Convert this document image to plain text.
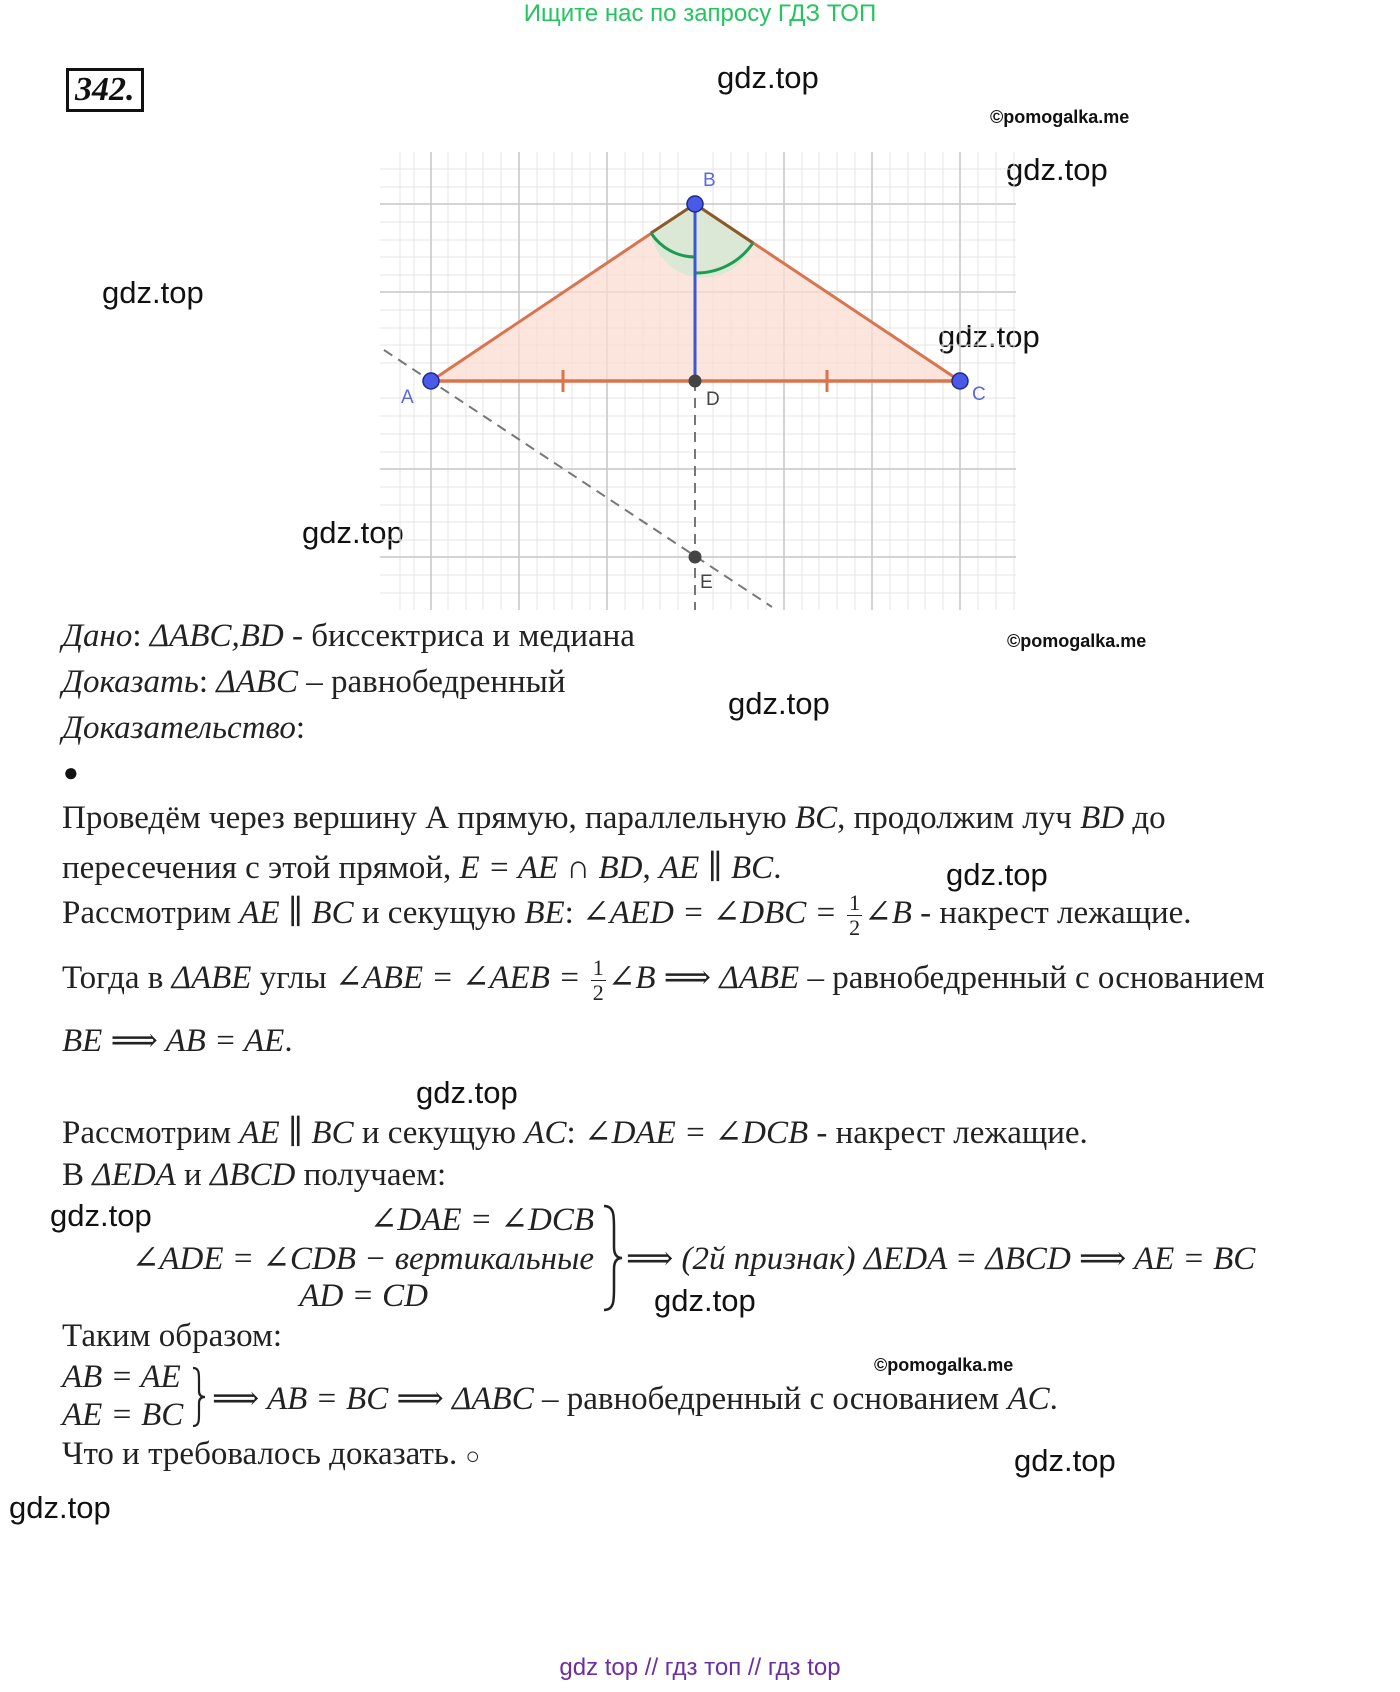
Ищите нас по запросу ГДЗ ТОП
gdz top // гдз топ // гдз top
342.	gdz.top
gdz.top
gdz.top
gdz.top
gdz.top
gdz.top
gdz.top
gdz.top
gdz.top
gdz.top
gdz.top
gdz.top
©pomogalka.me
©pomogalka.me
©pomogalka.me
A
B
C
D
E
Дано: ΔABC,BD - биссектриса и медиана
Доказать: ΔABC – равнобедренный
Доказательство:
●
Проведём через вершину А прямую, параллельную BC, продолжим луч BD до
пересечения с этой прямой, E = AE ∩ BD, AE ∥ BC.
Рассмотрим AE ∥ BC и секущую BE: ∠AED = ∠DBC = $\frac{1}{2}$ ∠B - накрест лежащие.
Тогда в ΔABE углы ∠ABE = ∠AEB = $\frac{1}{2}$ ∠B ⟹ ΔABE – равнобедренный с основанием
BE ⟹ AB = AE.
Рассмотрим AE ∥ BC и секущую AC: ∠DAE = ∠DCB - накрест лежащие.
В ΔEDA и ΔBCD получаем:
∠DAE = ∠DCB
∠ADE = ∠CDB − вертикальные
AD = CD
⟹ (2й признак) ΔEDA = ΔBCD ⟹ AE = BC
Таким образом:
AB = AE
AE = BC ⟹ AB = BC ⟹ ΔABC – равнобедренный с основанием AC.
Что и требовалось доказать. ○
